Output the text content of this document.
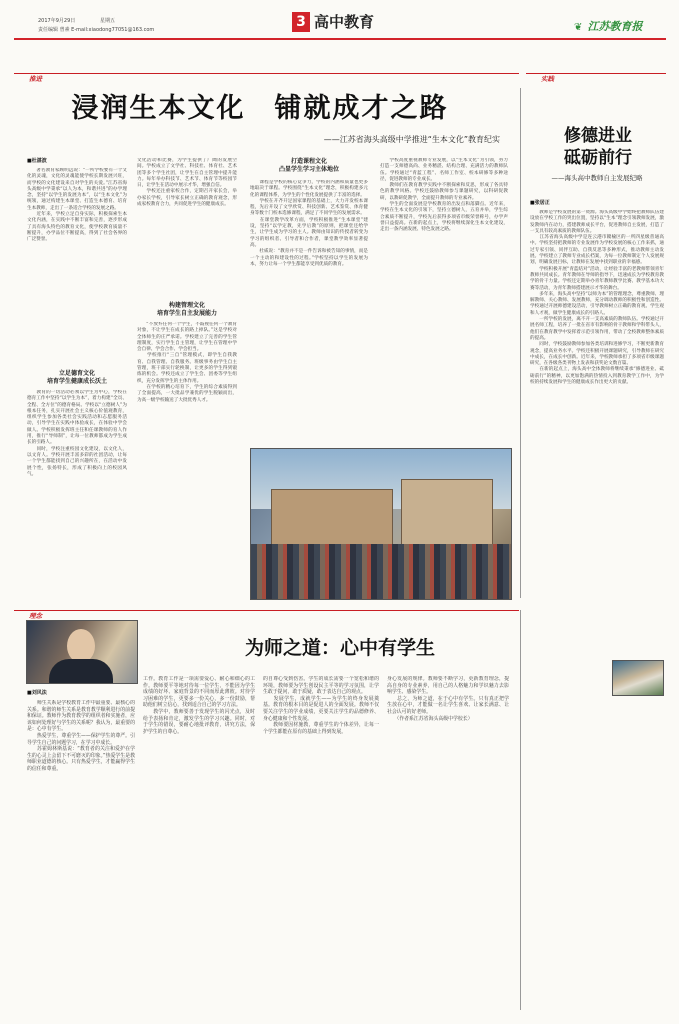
2017年9月29日	星期五
责任编辑 曾素 E-mail:xiaodong77051@163.com	3 高中教育	❦ 江苏教育报
推进	实践
浸润生本文化　铺就成才之路
——江苏省海头高级中学推进“生本文化”教育纪实
■杜湛波
　　著名教育家顾明远说：“一所学校要有一个文化的灵魂，文化的灵魂能使学校长期发展兴旺，而学校的文化建设来自对学生的关爱。”江苏省海头高级中学秉承“以人为本，和谐共进”的办学理念，坚持“以学生的发展为本”，以“生本文化”为统领，通过构建生本课堂、打造生本德育、培育生本教师，走出了一条适合学校的发展之路。
　　近年来，学校立足自身实际，积极探索生本文化内涵，在实践中不断丰富和完善，逐步形成了具有海头特色的教育文化，使学校教育质量不断提升，办学品位不断提高，得到了社会各界的广泛赞誉。
立足德育文化
培育学生健康成长沃土
　　教育的一切活动必须以学生为中心，学校在德育工作中坚持“以学生为本”，着力构建“全员、全程、全方位”的德育格局。学校以“立德树人”为根本任务，扎实开展社会主义核心价值观教育，组织学生参加各类社会实践活动和志愿服务活动，引导学生在实践中体验成长，在体验中学会做人。学校积极发挥班主任和任课教师的育人作用，推行“导师制”，让每一位教师都成为学生成长的引路人。
　　同时，学校注重校园文化建设，以文化人，以文育人。学校开展丰富多彩的社团活动，让每一个学生都能找到自己的兴趣所在，在活动中发展个性，张扬特长，形成了积极向上的校园风气。
文化活动和比赛，为学生提供了广阔的发展空间。学校成立了文学社、科技社、体育社、艺术团等多个学生社团，让学生在自主管理中提升能力。每年举办科技节、艺术节、体育节等校园节日，让学生在活动中展示才华，增强自信。
　　学校还注重家校合作，定期召开家长会，举办家长学校，引导家长树立正确的教育观念，形成家校教育合力，共同促进学生的健康成长。
构建管理文化
培育学生自主发展能力
　　“不放弃任何一个学生，不歧视任何一个教育对象，不让学生在成长的路上掉队。”这是学校对全体师生的庄严承诺。学校建立了完善的学生管理制度，实行学生自主管理，让学生在管理中学会自律、学会合作、学会担当。
　　学校推行“三自”管理模式，即学生自我教育、自我管理、自我服务。班级事务由学生自主管理，班干部实行轮换制，让更多的学生得到锻炼的机会。学校还成立了学生会、团委等学生组织，充分发挥学生的主体作用。
　　在学校的精心培育下，学生的综合素质得到了全面提高，一大批品学兼优的学生脱颖而出，为高一级学校输送了大批优秀人才。
打造课程文化
凸显学生学习主体地位
　　课程是学校的核心竞争力，学校的内涵和质量也更多地取决于课程。学校围绕“生本文化”理念，积极构建多元化的课程体系，为学生的个性化发展提供了丰富的选择。
　　学校在开齐开足国家课程的基础上，大力开发校本课程，先后开设了文学欣赏、科技创新、艺术鉴赏、体育健身等数十门校本选修课程，满足了不同学生的发展需求。
　　在课堂教学改革方面，学校积极推进“生本课堂”建设，坚持“以学定教，先学后教”的原则，把课堂还给学生，让学生成为学习的主人。教师由知识的传授者转变为学习的组织者、引导者和合作者，课堂教学效率显著提高。
　　杜威说：“教育并不是一件告诉和被告知的事情，而是一个主动的和建设性的过程。”学校坚持以学生的发展为本，努力让每一个学生都能享受到优质的教育。
　　学校高度重视教师专业发展，以“生本文化”为引领，努力打造一支师德高尚、业务精湛、结构合理、充满活力的教师队伍。学校通过“青蓝工程”、名师工作室、校本研修等多种途径，促进教师的专业成长。
　　教师们在教育教学实践中不断探索和反思，形成了各具特色的教学风格。学校还鼓励教师参与课题研究，以科研促教研，以教研促教学，全面提升教师的专业素养。
　　学生的全面发展是学校教育的出发点和落脚点。近年来，学校在生本文化的引领下，坚持立德树人，五育并举，学生综合素质不断提升，学校先后获得多项省市级荣誉称号，办学声誉日益提高。在新的起点上，学校将继续深化生本文化建设，走出一条内涵发展、特色发展之路。
修德进业
砥砺前行
——海头高中教师自主发展纪略
■张居正
　　教师是学校发展的第一资源。海头高级中学始终把教师队伍建设放在学校工作的突出位置，坚持以“生本”理念引领教师发展，激发教师内在动力，搭建教师成长平台，促进教师自主发展，打造了一支具有较高素质的教师队伍。
　　江苏省海头高级中学是连云港市赣榆区的一所四星级普通高中。学校坚持把教师的专业发展作为学校发展的核心工作来抓，通过专家引领、同伴互助、自我反思等多种形式，推动教师主动发展。学校建立了教师专业成长档案，为每一位教师制定个人发展规划，明确发展目标，让教师在发展中找到职业的幸福感。
　　学校积极开展“青蓝结对”活动，让经验丰富的老教师带领青年教师共同成长。青年教师在导师的指导下，迅速成长为学校教育教学的骨干力量。学校还定期举办青年教师教学比赛、教学基本功大赛等活动，为青年教师搭建展示才华的舞台。
　　多年来，海头高中坚持“以师为本”的管理理念，尊重教师、理解教师、关心教师、发展教师，充分调动教师的积极性和创造性。学校通过开展师德建设活动，引导教师树立正确的教育观、学生观和人才观，做学生健康成长的引路人。
　　一所学校的发展，离不开一支高素质的教师队伍。学校通过开展名师工程，培养了一批在省市有影响的骨干教师和学科带头人，他们在教育教学中发挥着示范引领作用，带动了全校教师整体素质的提高。
　　同时，学校鼓励教师参加各类培训和进修学习，不断更新教育观念，提高业务水平。学校还积极开展课题研究，引导教师在研究中成长，在成长中创新。近年来，学校教师承担了多项省市级课题研究，在各级各类刊物上发表和获奖论文数百篇。
　　在新的起点上，海头高中全体教师将继续秉承“修德进业、砥砺前行”的精神，以更加饱满的热情投入到教育教学工作中，为学校的持续发展和学生的健康成长作出更大的贡献。
理念
为师之道：心中有学生
■刘风法
　　师生关系是学校教育工作中最重要、最核心的关系。和谐的师生关系是教育教学顺利进行的前提和保证。教师作为教育教学的组织者和实施者，应该如何处理好与学生的关系呢？我认为，最重要的是：心中有学生。
　　热爱学生，尊重学生——保护学生的尊严。引导学生自己的问题学习，在学习中成长。
　　苏霍姆林斯基说：“教育者的关注和爱护在学生的心灵上会留下不可磨灭的印象。”热爱学生是教师职业道德的核心。只有热爱学生，才能赢得学生的信任和尊重。
工作。教育工作是一项需要爱心、耐心和细心的工作。教师要平等地对待每一位学生，不能因为学生成绩的好坏、家庭背景的不同而厚此薄彼。对待学习困难的学生，更要多一份关心，多一份鼓励，帮助他们树立信心，找到适合自己的学习方法。
　　教学中，教师要善于发现学生的闪光点，及时给予表扬和肯定，激发学生的学习兴趣。同时，对于学生的错误，要耐心地批评教育，讲究方法，保护学生的自尊心。
的自尊心受到伤害。学生的成长需要一个宽松和谐的环境，教师要为学生创设民主平等的学习氛围，让学生敢于提问，敢于质疑，敢于表达自己的观点。
　　发展学生，成就学生——为学生的终身发展奠基。教育的根本目的是促进人的全面发展。教师不仅要关注学生的学业成绩，更要关注学生的品德修养、身心健康和个性发展。
　　教师要因材施教，尊重学生的个体差异，让每一个学生都能在原有的基础上得到发展。
身心发展的规律。教师要不断学习，更新教育理念，提高自身的专业素养，用自己的人格魅力和学识魅力去影响学生、感染学生。
　　总之，为师之道，在于心中有学生。只有真正把学生放在心中，才能做一名让学生喜欢、让家长满意、让社会认可的好老师。
　　（作者系江苏省海头高级中学校长）
